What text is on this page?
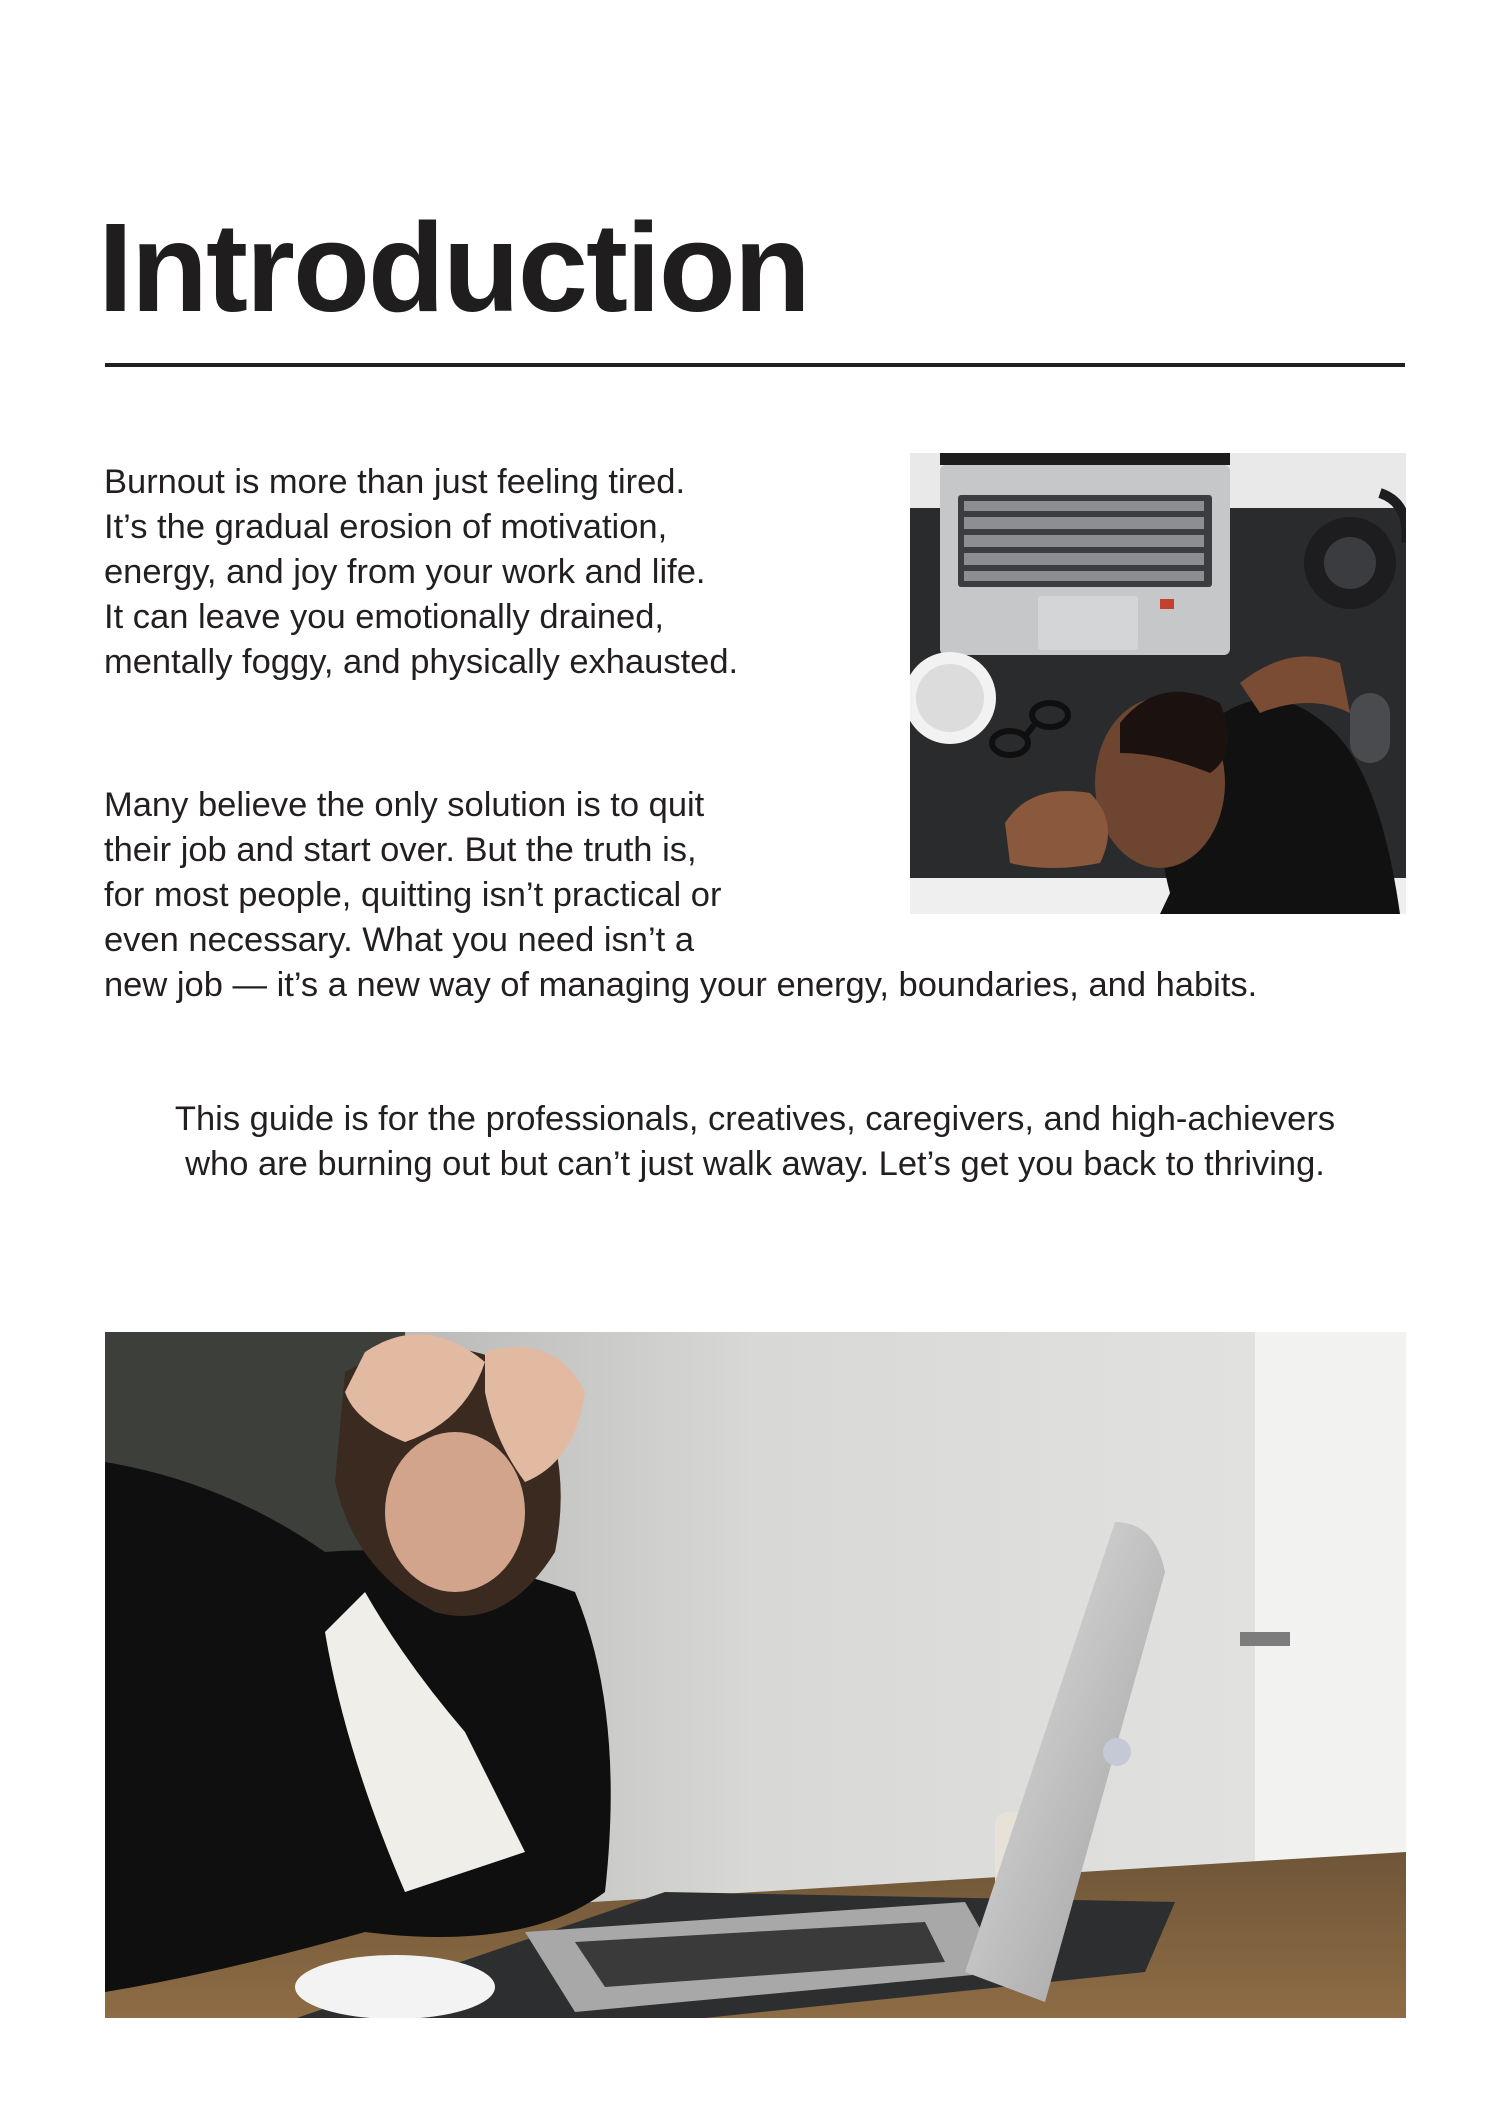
Introduction

Burnout is more than just feeling tired.
It’s the gradual erosion of motivation,
energy, and joy from your work and life.
It can leave you emotionally drained,
mentally foggy, and physically exhausted.

Many believe the only solution is to quit
their job and start over. But the truth is,
for most people, quitting isn’t practical or
even necessary. What you need isn’t a
new job — it’s a new way of managing your energy, boundaries, and habits.

This guide is for the professionals, creatives, caregivers, and high-achievers
who are burning out but can’t just walk away. Let’s get you back to thriving.
